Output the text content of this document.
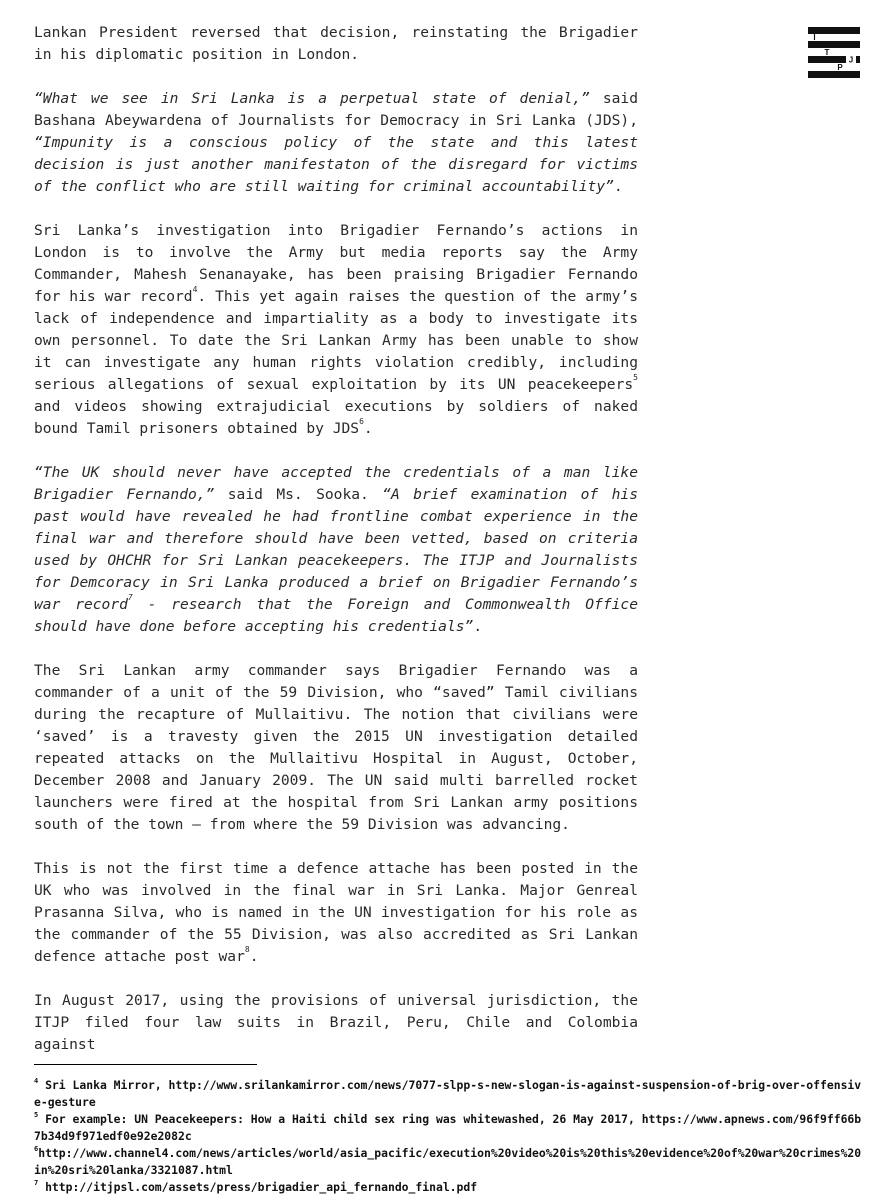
I
T
J
P

Lankan President reversed that decision, reinstating the Brigadier in his diplomatic position in London.

“What we see in Sri Lanka is a perpetual state of denial,” said Bashana Abeywardena of Journalists for Democracy in Sri Lanka (JDS), “Impunity is a conscious policy of the state and this latest decision is just another manifestaton of the disregard for victims of the conflict who are still waiting for criminal accountability”.

Sri Lanka’s investigation into Brigadier Fernando’s actions in London is to involve the Army but media reports say the Army Commander, Mahesh Senanayake, has been praising Brigadier Fernando for his war record$^4$. This yet again raises the question of the army’s lack of independence and impartiality as a body to investigate its own personnel. To date the Sri Lankan Army has been unable to show it can investigate any human rights violation credibly, including serious allegations of sexual exploitation by its UN peacekeepers$^5$ and videos showing extrajudicial executions by soldiers of naked bound Tamil prisoners obtained by JDS$^6$.

“The UK should never have accepted the credentials of a man like Brigadier Fernando,” said Ms. Sooka. “A brief examination of his past would have revealed he had frontline combat experience in the final war and therefore should have been vetted, based on criteria used by OHCHR for Sri Lankan peacekeepers. The ITJP and Journalists for Demcoracy in Sri Lanka produced a brief on Brigadier Fernando’s war record$^7$ - research that the Foreign and Commonwealth Office should have done before accepting his credentials”.

The Sri Lankan army commander says Brigadier Fernando was a commander of a unit of the 59 Division, who “saved” Tamil civilians during the recapture of Mullaitivu. The notion that civilians were ‘saved’ is a travesty given the 2015 UN investigation detailed repeated attacks on the Mullaitivu Hospital in August, October, December 2008 and January 2009. The UN said multi barrelled rocket launchers were fired at the hospital from Sri Lankan army positions south of the town – from where the 59 Division was advancing.

This is not the first time a defence attache has been posted in the UK who was involved in the final war in Sri Lanka. Major Genreal Prasanna Silva, who is named in the UN investigation for his role as the commander of the 55 Division, was also accredited as Sri Lankan defence attache post war$^8$.

In August 2017, using the provisions of universal jurisdiction, the ITJP filed four law suits in Brazil, Peru, Chile and Colombia against

$^4$ Sri Lanka Mirror, http://www.srilankamirror.com/news/7077-slpp-s-new-slogan-is-against-suspension-of-brig-over-offensive-gesture

$^5$ For example: UN Peacekeepers: How a Haiti child sex ring was whitewashed, 26 May 2017, https://www.apnews.com/96f9ff66b7b34d9f971edf0e92e2082c

$^6$http://www.channel4.com/news/articles/world/asia_pacific/execution%20video%20is%20this%20evidence%20of%20war%20crimes%20in%20sri%20lanka/3321087.html

$^7$ http://itjpsl.com/assets/press/brigadier_api_fernando_final.pdf
